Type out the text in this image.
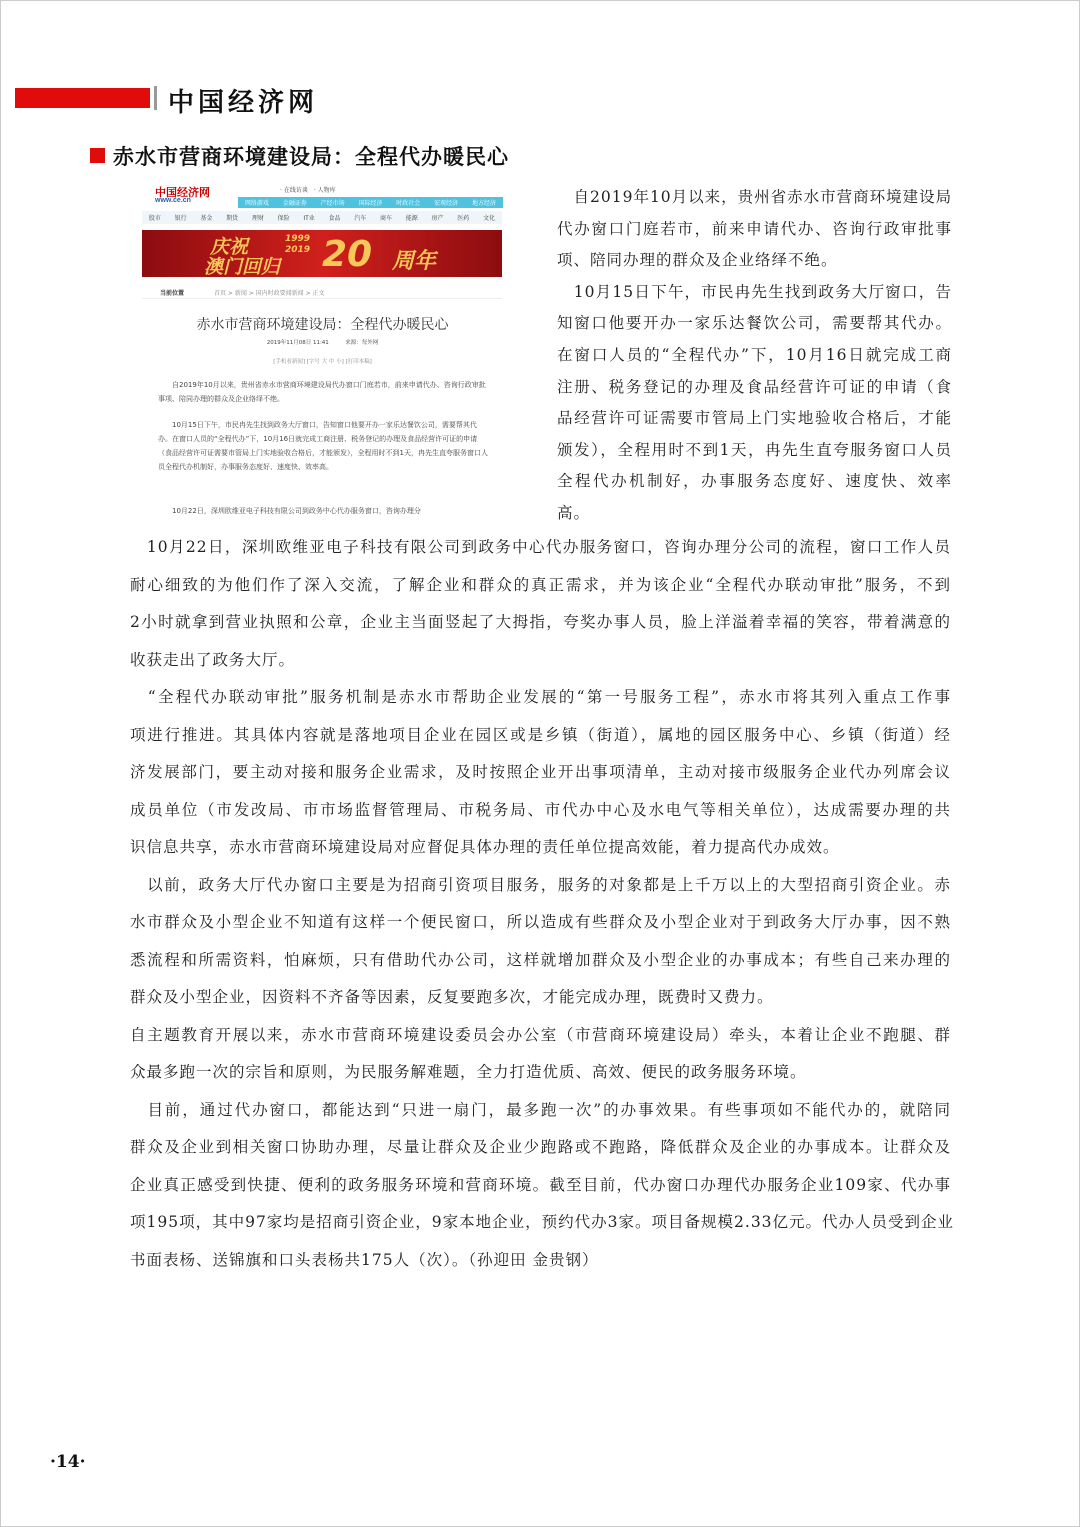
中国经济网
赤水市营商环境建设局：全程代办暖民心
中国经济网
www.ce.cn
· 在线访谈　· 人物库
网络游戏 金融证券 产经市场 国际经济 时政社会 宏观经济 地方经济
股市 银行 基金 期货 理财 保险 IT业 食品 汽车 商车 能源 房产 医药 文化
庆祝
澳门回归
1999
2019 20 周年
当前位置	首页 > 新闻 > 国内时政要闻新闻 > 正文
赤水市营商环境建设局：全程代办暖民心
2019年11月08日 11:41　　　来源：每外网
[手机看新闻] [字号 大 中 小] [打印本稿]
自2019年10月以来，贵州省赤水市营商环境建设局代办窗口门庭若市，前来申请代办、咨询行政审批事项、陪同办理的群众及企业络绎不绝。
10月15日下午，市民冉先生找到政务大厅窗口，告知窗口他要开办一家乐达餐饮公司，需要帮其代办。在窗口人员的“全程代办”下，10月16日就完成工商注册、税务登记的办理及食品经营许可证的申请（食品经营许可证需要市管局上门实地验收合格后，才能颁发），全程用时不到1天，冉先生直夸服务窗口人员全程代办机制好，办事服务态度好、速度快、效率高。
10月22日，深圳欧维亚电子科技有限公司到政务中心代办服务窗口，咨询办理分
　自2019年10月以来，贵州省赤水市营商环境建设局
代办窗口门庭若市，前来申请代办、咨询行政审批事
项、陪同办理的群众及企业络绎不绝。
　10月15日下午，市民冉先生找到政务大厅窗口，告
知窗口他要开办一家乐达餐饮公司，需要帮其代办。
在窗口人员的“全程代办”下，10月16日就完成工商
注册、税务登记的办理及食品经营许可证的申请（食
品经营许可证需要市管局上门实地验收合格后，才能
颁发），全程用时不到1天，冉先生直夸服务窗口人员
全程代办机制好，办事服务态度好、速度快、效率
高。
　10月22日，深圳欧维亚电子科技有限公司到政务中心代办服务窗口，咨询办理分公司的流程，窗口工作人员
耐心细致的为他们作了深入交流，了解企业和群众的真正需求，并为该企业“全程代办联动审批”服务，不到
2小时就拿到营业执照和公章，企业主当面竖起了大拇指，夸奖办事人员，脸上洋溢着幸福的笑容，带着满意的
收获走出了政务大厅。
　“全程代办联动审批”服务机制是赤水市帮助企业发展的“第一号服务工程”，赤水市将其列入重点工作事
项进行推进。其具体内容就是落地项目企业在园区或是乡镇（街道），属地的园区服务中心、乡镇（街道）经
济发展部门，要主动对接和服务企业需求，及时按照企业开出事项清单，主动对接市级服务企业代办列席会议
成员单位（市发改局、市市场监督管理局、市税务局、市代办中心及水电气等相关单位），达成需要办理的共
识信息共享，赤水市营商环境建设局对应督促具体办理的责任单位提高效能，着力提高代办成效。
　以前，政务大厅代办窗口主要是为招商引资项目服务，服务的对象都是上千万以上的大型招商引资企业。赤
水市群众及小型企业不知道有这样一个便民窗口，所以造成有些群众及小型企业对于到政务大厅办事，因不熟
悉流程和所需资料，怕麻烦，只有借助代办公司，这样就增加群众及小型企业的办事成本；有些自己来办理的
群众及小型企业，因资料不齐备等因素，反复要跑多次，才能完成办理，既费时又费力。
自主题教育开展以来，赤水市营商环境建设委员会办公室（市营商环境建设局）牵头，本着让企业不跑腿、群
众最多跑一次的宗旨和原则，为民服务解难题，全力打造优质、高效、便民的政务服务环境。
　目前，通过代办窗口，都能达到“只进一扇门，最多跑一次”的办事效果。有些事项如不能代办的，就陪同
群众及企业到相关窗口协助办理，尽量让群众及企业少跑路或不跑路，降低群众及企业的办事成本。让群众及
企业真正感受到快捷、便利的政务服务环境和营商环境。截至目前，代办窗口办理代办服务企业109家、代办事
项195项，其中97家均是招商引资企业，9家本地企业，预约代办3家。项目备规模2.33亿元。代办人员受到企业
书面表杨、送锦旗和口头表杨共175人（次）。（孙迎田 金贵钢）
·14·
